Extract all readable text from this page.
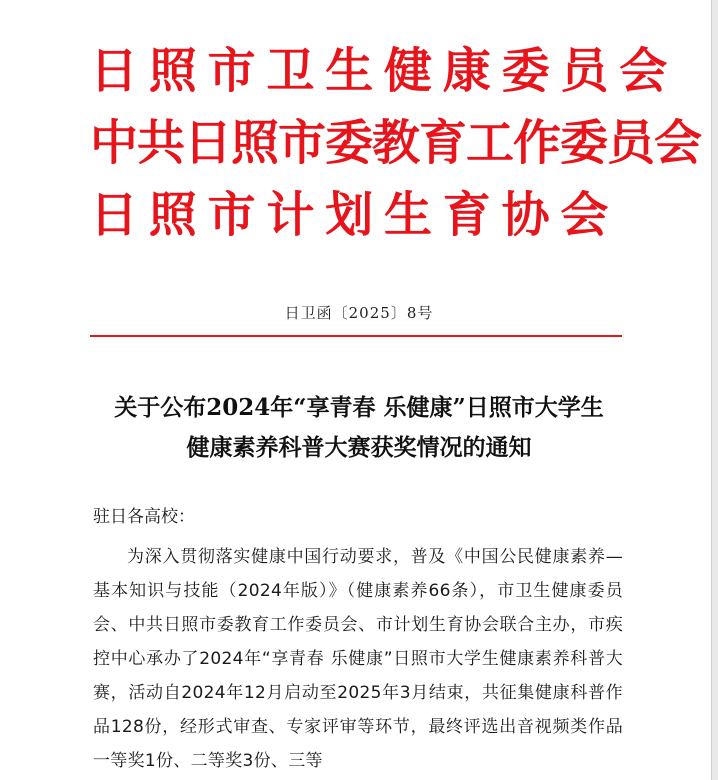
日照市卫生健康委员会
中共日照市委教育工作委员会
日照市计划生育协会
日卫函〔2025〕8号
关于公布2024年“享青春 乐健康”日照市大学生
健康素养科普大赛获奖情况的通知

驻日各高校：

为深入贯彻落实健康中国行动要求，普及《中国公民健康素养—基本知识与技能（2024年版）》（健康素养66条），市卫生健康委员会、中共日照市委教育工作委员会、市计划生育协会联合主办，市疾控中心承办了2024年“享青春 乐健康”日照市大学生健康素养科普大赛，活动自2024年12月启动至2025年3月结束，共征集健康科普作品128份，经形式审查、专家评审等环节，最终评选出音视频类作品一等奖1份、二等奖3份、三等
